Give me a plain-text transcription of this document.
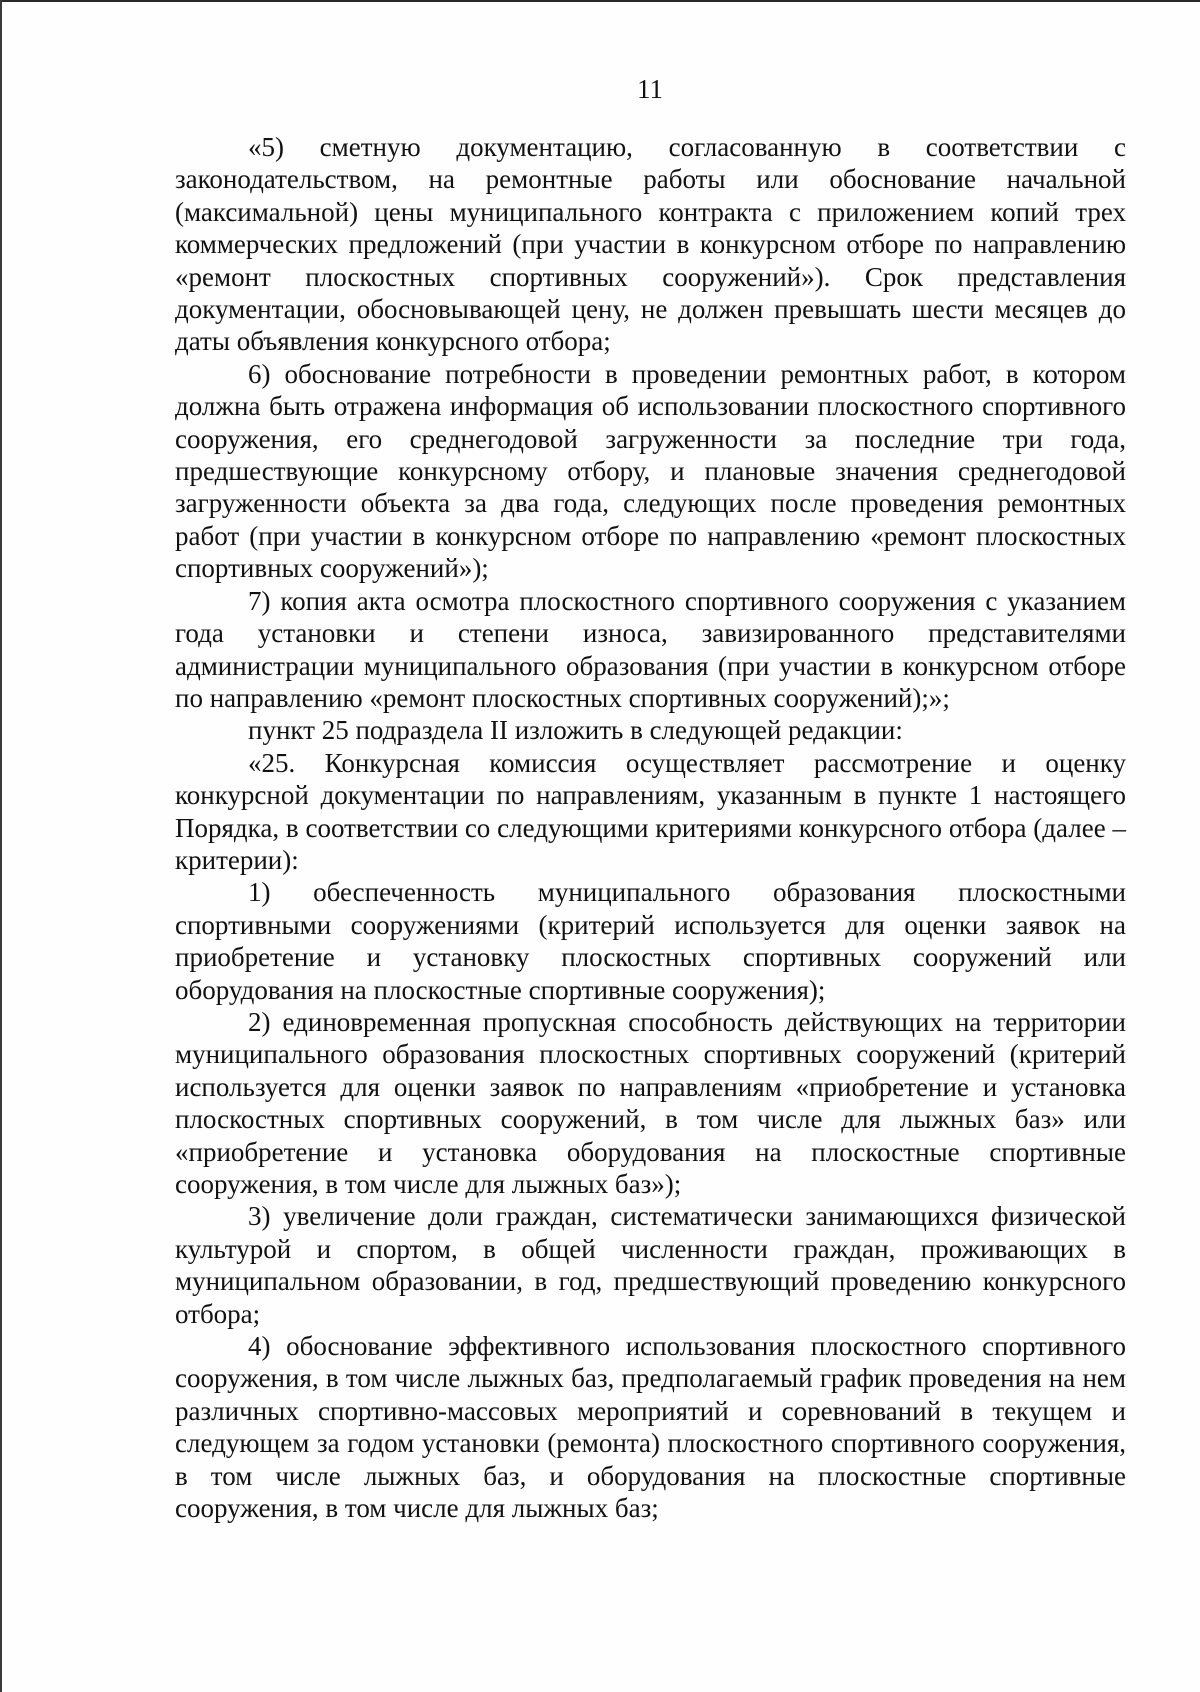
11

«5) сметную документацию, согласованную в соответствии с законодательством, на ремонтные работы или обоснование начальной (максимальной) цены муниципального контракта с приложением копий трех коммерческих предложений (при участии в конкурсном отборе по направлению «ремонт плоскостных спортивных сооружений»). Срок представления документации, обосновывающей цену, не должен превышать шести месяцев до даты объявления конкурсного отбора;

6) обоснование потребности в проведении ремонтных работ, в котором должна быть отражена информация об использовании плоскостного спортивного сооружения, его среднегодовой загруженности за последние три года, предшествующие конкурсному отбору, и плановые значения среднегодовой загруженности объекта за два года, следующих после проведения ремонтных работ (при участии в конкурсном отборе по направлению «ремонт плоскостных спортивных сооружений»);

7) копия акта осмотра плоскостного спортивного сооружения с указанием года установки и степени износа, завизированного представителями администрации муниципального образования (при участии в конкурсном отборе по направлению «ремонт плоскостных спортивных сооружений);»;

пункт 25 подраздела II изложить в следующей редакции:

«25. Конкурсная комиссия осуществляет рассмотрение и оценку конкурсной документации по направлениям, указанным в пункте 1 настоящего Порядка, в соответствии со следующими критериями конкурсного отбора (далее – критерии):

1) обеспеченность муниципального образования плоскостными спортивными сооружениями (критерий используется для оценки заявок на приобретение и установку плоскостных спортивных сооружений или оборудования на плоскостные спортивные сооружения);

2) единовременная пропускная способность действующих на территории муниципального образования плоскостных спортивных сооружений (критерий используется для оценки заявок по направлениям «приобретение и установка плоскостных спортивных сооружений, в том числе для лыжных баз» или «приобретение и установка оборудования на плоскостные спортивные сооружения, в том числе для лыжных баз»);

3) увеличение доли граждан, систематически занимающихся физической культурой и спортом, в общей численности граждан, проживающих в муниципальном образовании, в год, предшествующий проведению конкурсного отбора;

4) обоснование эффективного использования плоскостного спортивного сооружения, в том числе лыжных баз, предполагаемый график проведения на нем различных спортивно-массовых мероприятий и соревнований в текущем и следующем за годом установки (ремонта) плоскостного спортивного сооружения, в том числе лыжных баз, и оборудования на плоскостные спортивные сооружения, в том числе для лыжных баз;
